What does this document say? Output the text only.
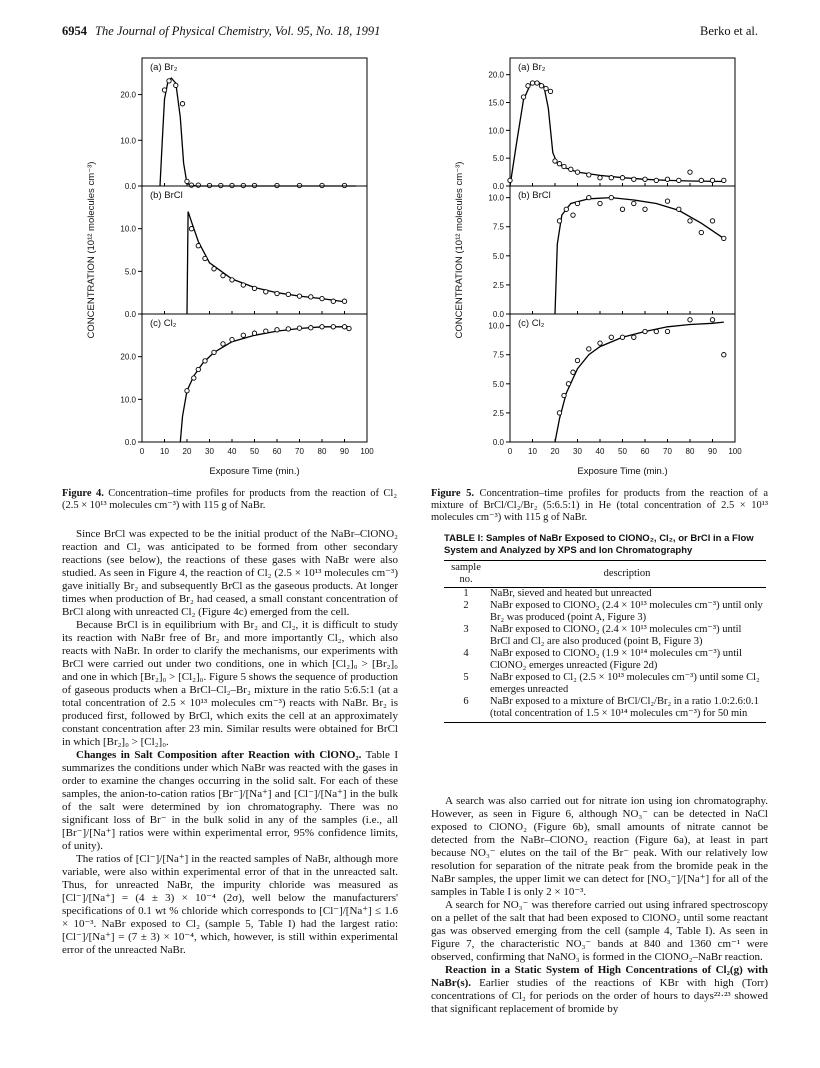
6954 The Journal of Physical Chemistry, Vol. 95, No. 18, 1991	Berko et al.
CONCENTRATION (10¹² molecules cm⁻³)	0.0
10.0
20.0
(a) Br₂
0.0
5.0
10.0
(b) BrCl
0.0
10.0
20.0
(c) Cl₂
0 10 20 30 40 50 60 70 80 90 100
Exposure Time (min.)
Figure 4. Concentration–time profiles for products from the reaction of Cl₂ (2.5 × 10¹³ molecules cm⁻³) with 115 g of NaBr.
CONCENTRATION (10¹² molecules cm⁻³)	0.0
5.0
10.0
15.0
20.0
(a) Br₂
0.0
2.5
5.0
7.5
10.0 (b) BrCl
0.0
2.5
5.0
7.5
10.0 (c) Cl₂
0 10 20 30 40 50 60 70 80 90 100
Exposure Time (min.)
Figure 5. Concentration–time profiles for products from the reaction of a mixture of BrCl/Cl₂/Br₂ (5:6.5:1) in He (total concentration of 2.5 × 10¹³ molecules cm⁻³) with 115 g of NaBr.

Since BrCl was expected to be the initial product of the NaBr–ClONO₂ reaction and Cl₂ was anticipated to be formed from other secondary reactions (see below), the reactions of these gases with NaBr were also studied. As seen in Figure 4, the reaction of Cl₂ (2.5 × 10¹³ molecules cm⁻³) gave initially Br₂ and subsequently BrCl as the gaseous products. At longer times when production of Br₂ had ceased, a small constant concentration of BrCl along with unreacted Cl₂ (Figure 4c) emerged from the cell.

Because BrCl is in equilibrium with Br₂ and Cl₂, it is difficult to study its reaction with NaBr free of Br₂ and more importantly Cl₂, which also reacts with NaBr. In order to clarify the mechanisms, our experiments with BrCl were carried out under two conditions, one in which [Cl₂]₀ > [Br₂]₀ and one in which [Br₂]₀ > [Cl₂]₀. Figure 5 shows the sequence of production of gaseous products when a BrCl–Cl₂–Br₂ mixture in the ratio 5:6.5:1 (at a total concentration of 2.5 × 10¹³ molecules cm⁻³) reacts with NaBr. Br₂ is produced first, followed by BrCl, which exits the cell at an approximately constant concentration after 23 min. Similar results were obtained for BrCl in which [Br₂]₀ > [Cl₂]₀.

Changes in Salt Composition after Reaction with ClONO₂. Table I summarizes the conditions under which NaBr was reacted with the gases in order to examine the changes occurring in the solid salt. For each of these samples, the anion-to-cation ratios [Br⁻]/[Na⁺] and [Cl⁻]/[Na⁺] in the bulk of the salt were determined by ion chromatography. There was no significant loss of Br⁻ in the bulk solid in any of the samples (i.e., all [Br⁻]/[Na⁺] ratios were within experimental error, 95% confidence limits, of unity).

The ratios of [Cl⁻]/[Na⁺] in the reacted samples of NaBr, although more variable, were also within experimental error of that in the unreacted salt. Thus, for unreacted NaBr, the impurity chloride was measured as [Cl⁻]/[Na⁺] = (4 ± 3) × 10⁻⁴ (2σ), well below the manufacturers' specifications of 0.1 wt % chloride which corresponds to [Cl⁻]/[Na⁺] ≤ 1.6 × 10⁻³. NaBr exposed to Cl₂ (sample 5, Table I) had the largest ratio: [Cl⁻]/[Na⁺] = (7 ± 3) × 10⁻⁴, which, however, is still within experimental error of the unreacted NaBr.

TABLE I: Samples of NaBr Exposed to ClONO₂, Cl₂, or BrCl in a Flow System and Analyzed by XPS and Ion Chromatography
sample no.	description
1	NaBr, sieved and heated but unreacted
2	NaBr exposed to ClONO₂ (2.4 × 10¹³ molecules cm⁻³) until only Br₂ was produced (point A, Figure 3)
3	NaBr exposed to ClONO₂ (2.4 × 10¹³ molecules cm⁻³) until BrCl and Cl₂ are also produced (point B, Figure 3)
4	NaBr exposed to ClONO₂ (1.9 × 10¹⁴ molecules cm⁻³) until ClONO₂ emerges unreacted (Figure 2d)
5	NaBr exposed to Cl₂ (2.5 × 10¹³ molecules cm⁻³) until some Cl₂ emerges unreacted
6	NaBr exposed to a mixture of BrCl/Cl₂/Br₂ in a ratio 1.0:2.6:0.1 (total concentration of 1.5 × 10¹⁴ molecules cm⁻³) for 50 min

A search was also carried out for nitrate ion using ion chromatography. However, as seen in Figure 6, although NO₃⁻ can be detected in NaCl exposed to ClONO₂ (Figure 6b), small amounts of nitrate cannot be detected from the NaBr–ClONO₂ reaction (Figure 6a), at least in part because NO₃⁻ elutes on the tail of the Br⁻ peak. With our relatively low resolution for separation of the nitrate peak from the bromide peak in the NaBr samples, the upper limit we can detect for [NO₃⁻]/[Na⁺] for all of the samples in Table I is only 2 × 10⁻³.

A search for NO₃⁻ was therefore carried out using infrared spectroscopy on a pellet of the salt that had been exposed to ClONO₂ until some reactant gas was observed emerging from the cell (sample 4, Table I). As seen in Figure 7, the characteristic NO₃⁻ bands at 840 and 1360 cm⁻¹ were observed, confirming that NaNO₃ is formed in the ClONO₂–NaBr reaction.

Reaction in a Static System of High Concentrations of Cl₂(g) with NaBr(s). Earlier studies of the reactions of KBr with high (Torr) concentrations of Cl₂ for periods on the order of hours to days²²·²³ showed that significant replacement of bromide by
